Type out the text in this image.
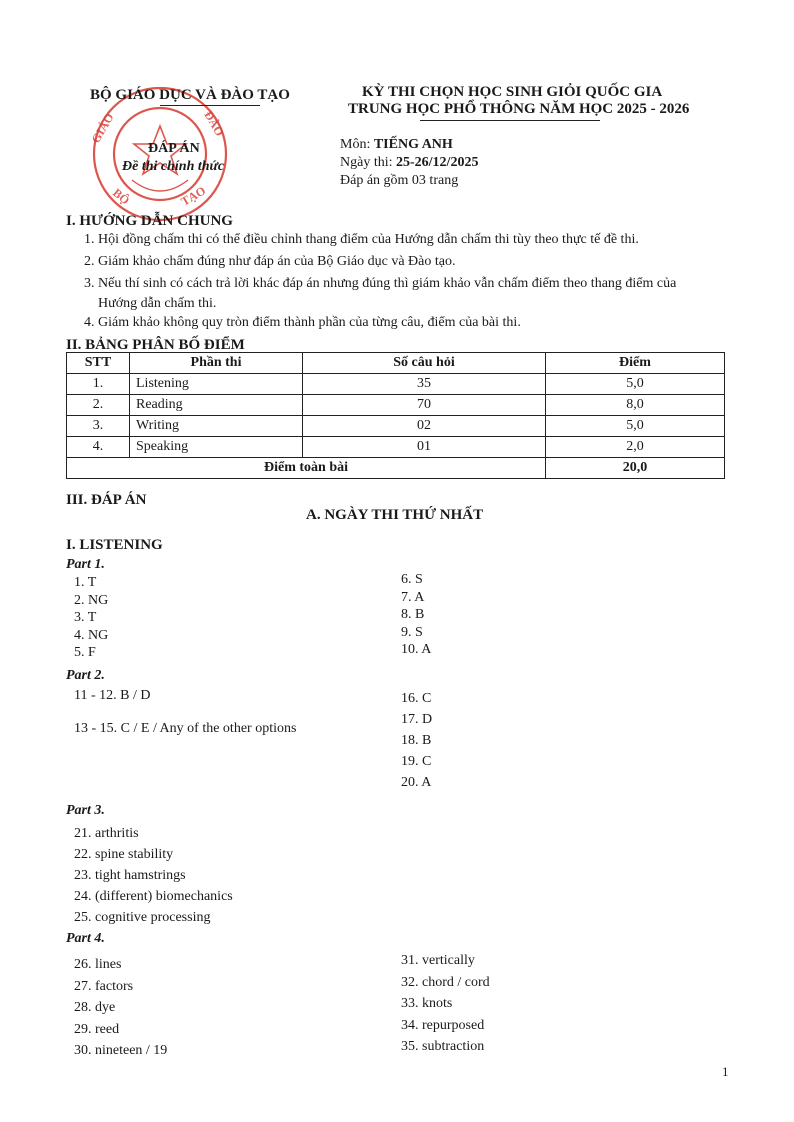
GIÁO	ĐÀO
BỘ	TẠO
BỘ GIÁO DỤC VÀ ĐÀO TẠO
ĐÁP ÁN
Đề thi chính thức
KỲ THI CHỌN HỌC SINH GIỎI QUỐC GIA
TRUNG HỌC PHỔ THÔNG NĂM HỌC 2025 - 2026
Môn: TIẾNG ANH
Ngày thi: 25-26/12/2025
Đáp án gồm 03 trang
I. HƯỚNG DẪN CHUNG
1. Hội đồng chấm thi có thể điều chỉnh thang điểm của Hướng dẫn chấm thi tùy theo thực tế đề thi.
2. Giám khảo chấm đúng như đáp án của Bộ Giáo dục và Đào tạo.
3. Nếu thí sinh có cách trả lời khác đáp án nhưng đúng thì giám khảo vẫn chấm điểm theo thang điểm của
Hướng dẫn chấm thi.
4. Giám khảo không quy tròn điểm thành phần của từng câu, điểm của bài thi.
II. BẢNG PHÂN BỐ ĐIỂM
STT	Phần thi	Số câu hỏi	Điểm
1.	Listening	35	5,0
2.	Reading	70	8,0
3.	Writing	02	5,0
4.	Speaking	01	2,0
Điểm toàn bài			20,0
III. ĐÁP ÁN
A. NGÀY THI THỨ NHẤT
I. LISTENING
Part 1.
1. T
2. NG
3. T
4. NG
5. F
6. S
7. A
8. B
9. S
10. A
Part 2.
11 - 12. B / D
13 - 15. C / E / Any of the other options
16. C
17. D
18. B
19. C
20. A
Part 3.
21. arthritis
22. spine stability
23. tight hamstrings
24. (different) biomechanics
25. cognitive processing
Part 4.
26. lines
27. factors
28. dye
29. reed
30. nineteen / 19
31. vertically
32. chord / cord
33. knots
34. repurposed
35. subtraction
1
